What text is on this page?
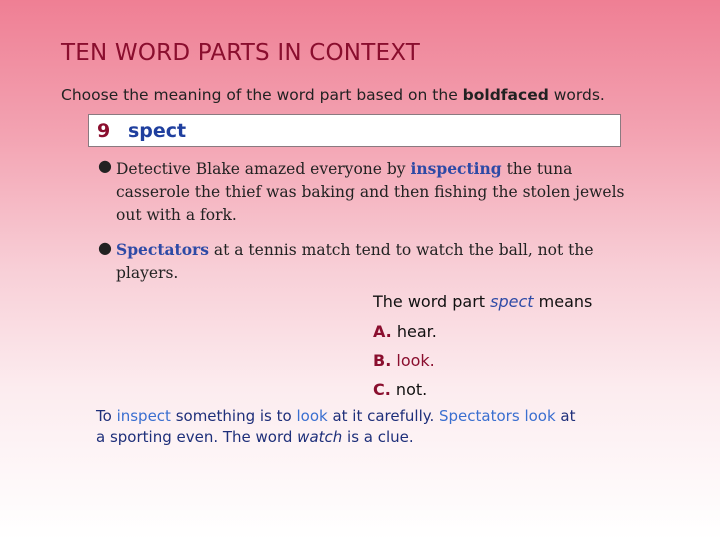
TEN WORD PARTS IN CONTEXT
Choose the meaning of the word part based on the boldfaced words.
9 spect
● Detective Blake amazed everyone by inspecting the tuna
casserole the thief was baking and then fishing the stolen jewels
out with a fork.
● Spectators at a tennis match tend to watch the ball, not the
players.
The word part spect means
A. hear.
B. look.
C. not.
To inspect something is to look at it carefully. Spectators look at
a sporting even. The word watch is a clue.
